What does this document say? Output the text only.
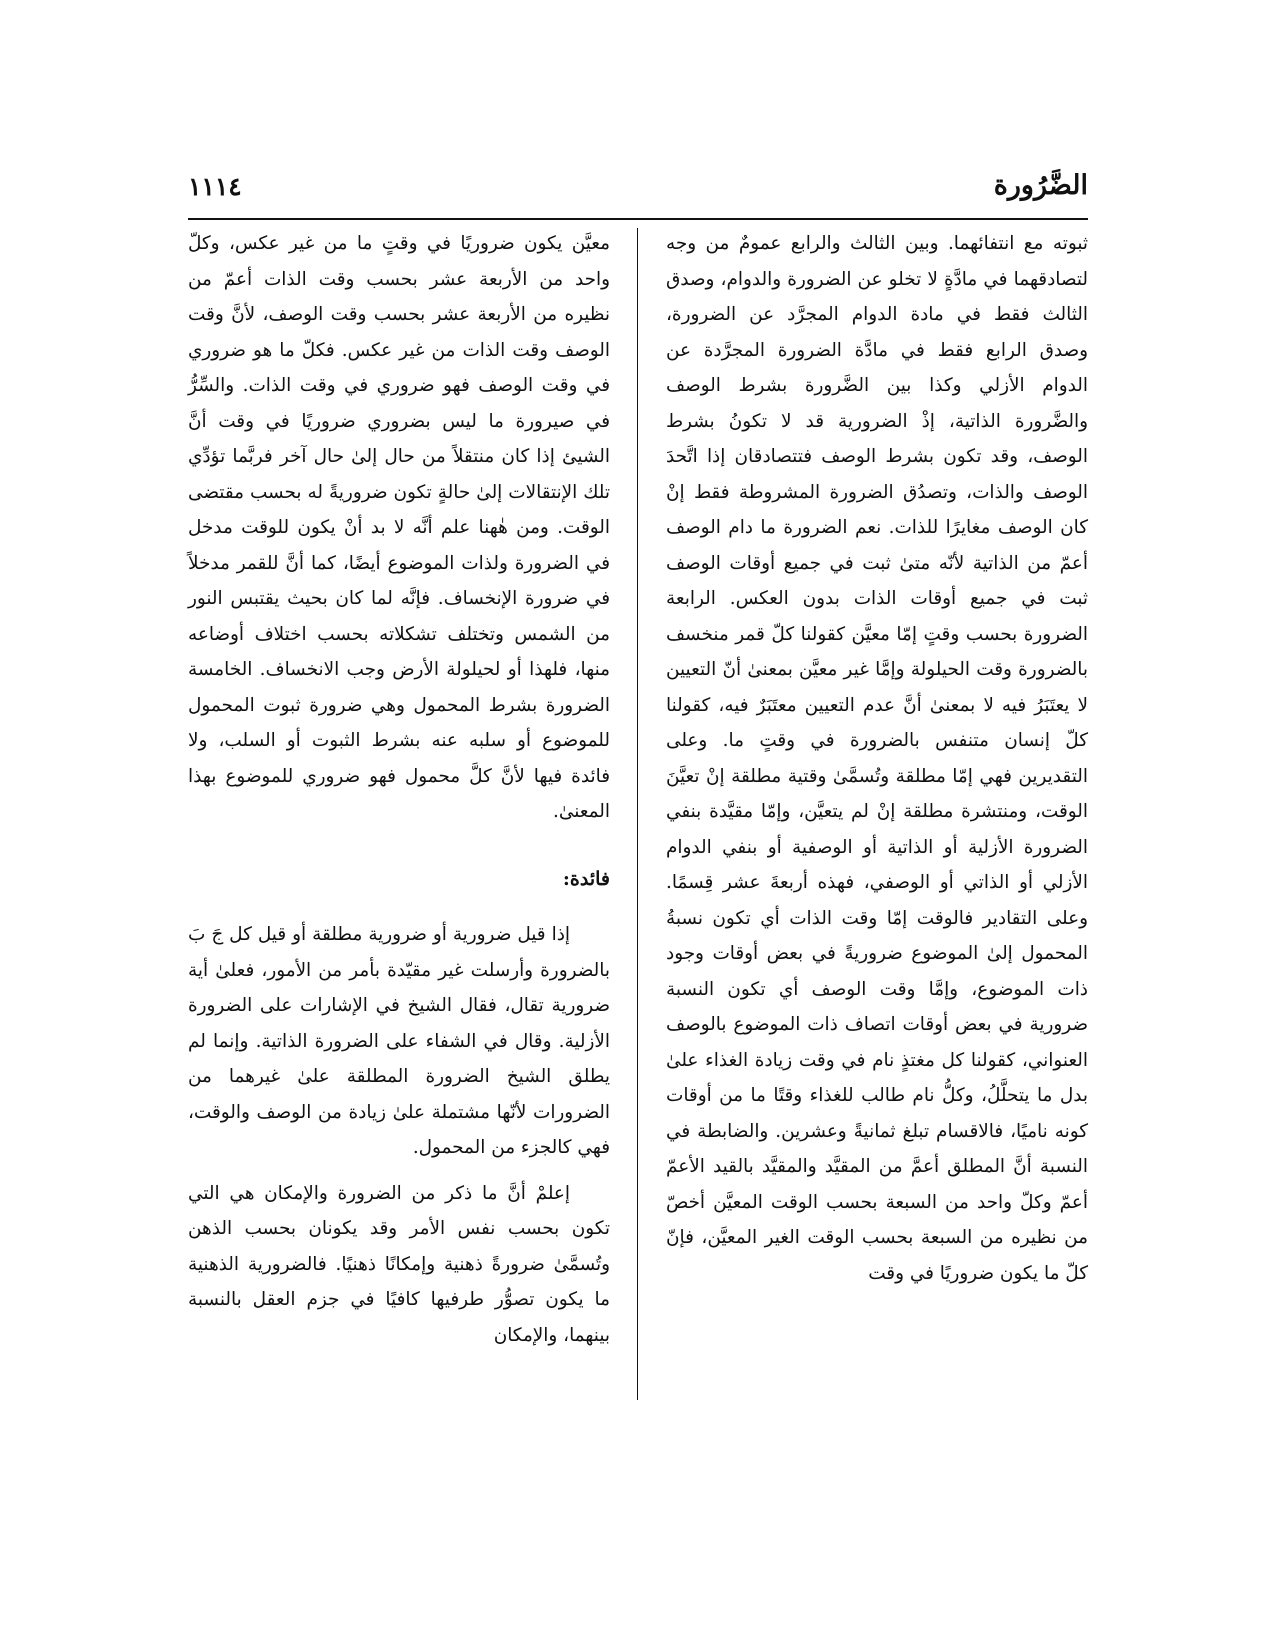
الضَّرُورة
١١١٤

ثبوته مع انتفائهما. وبين الثالث والرابع عمومٌ من وجه لتصادقهما في مادَّةٍ لا تخلو عن الضرورة والدوام، وصدق الثالث فقط في مادة الدوام المجرَّد عن الضرورة، وصدق الرابع فقط في مادَّة الضرورة المجرَّدة عن الدوام الأزلي وكذا بين الضَّرورة بشرط الوصف والضَّرورة الذاتية، إذْ الضرورية قد لا تكونُ بشرط الوصف، وقد تكون بشرط الوصف فتتصادقان إذا اتَّحدَ الوصف والذات، وتصدُق الضرورة المشروطة فقط إنْ كان الوصف مغايرًا للذات. نعم الضرورة ما دام الوصف أعمّ من الذاتية لأنّه متىٰ ثبت في جميع أوقات الوصف ثبت في جميع أوقات الذات بدون العكس. الرابعة الضرورة بحسب وقتٍ إمّا معيَّن كقولنا كلّ قمر منخسف بالضرورة وقت الحيلولة وإمَّا غير معيَّن بمعنىٰ أنّ التعيين لا يعتَبَرُ فيه لا بمعنىٰ أنَّ عدم التعيين معتَبَرٌ فيه، كقولنا كلّ إنسان متنفس بالضرورة في وقتٍ ما. وعلى التقديرين فهي إمّا مطلقة وتُسمَّىٰ وقتية مطلقة إنْ تعيَّنَ الوقت، ومنتشرة مطلقة إنْ لم يتعيَّن، وإمّا مقيَّدة بنفي الضرورة الأزلية أو الذاتية أو الوصفية أو بنفي الدوام الأزلي أو الذاتي أو الوصفي، فهذه أربعةَ عشر قِسمًا. وعلى التقادير فالوقت إمّا وقت الذات أي تكون نسبةُ المحمول إلىٰ الموضوع ضروريةً في بعض أوقات وجود ذات الموضوع، وإمَّا وقت الوصف أي تكون النسبة ضرورية في بعض أوقات اتصاف ذات الموضوع بالوصف العنواني، كقولنا كل مغتذٍ نام في وقت زيادة الغذاء علىٰ بدل ما يتحلَّلُ، وكلُّ نام طالب للغذاء وقتًا ما من أوقات كونه ناميًا، فالاقسام تبلغ ثمانيةً وعشرين. والضابطة في النسبة أنَّ المطلق أعمَّ من المقيَّد والمقيَّد بالقيد الأعمّ أعمّ وكلّ واحد من السبعة بحسب الوقت المعيَّن أخصّ من نظيره من السبعة بحسب الوقت الغير المعيَّن، فإنّ كلّ ما يكون ضروريًا في وقت

معيَّن يكون ضروريًا في وقتٍ ما من غير عكس، وكلّ واحد من الأربعة عشر بحسب وقت الذات أعمّ من نظيره من الأربعة عشر بحسب وقت الوصف، لأنَّ وقت الوصف وقت الذات من غير عكس. فكلّ ما هو ضروري في وقت الوصف فهو ضروري في وقت الذات. والسِّرُّ في صيرورة ما ليس بضروري ضروريًا في وقت أنَّ الشيئ إذا كان منتقلاً من حال إلىٰ حال آخر فربَّما تؤدِّي تلك الإنتقالات إلىٰ حالةٍ تكون ضروريةً له بحسب مقتضى الوقت. ومن هٰهنا علم أنَّه لا بد أنْ يكون للوقت مدخل في الضرورة ولذات الموضوع أيضًا، كما أنَّ للقمر مدخلاً في ضرورة الإنخساف. فإنَّه لما كان بحيث يقتبس النور من الشمس وتختلف تشكلاته بحسب اختلاف أوضاعه منها، فلهذا أو لحيلولة الأرض وجب الانخساف. الخامسة الضرورة بشرط المحمول وهي ضرورة ثبوت المحمول للموضوع أو سلبه عنه بشرط الثبوت أو السلب، ولا فائدة فيها لأنَّ كلَّ محمول فهو ضروري للموضوع بهذا المعنىٰ.

فائدة:

إذا قيل ضرورية أو ضرورية مطلقة أو قيل كل جَ بَ بالضرورة وأرسلت غير مقيّدة بأمر من الأمور، فعلىٰ أية ضرورية تقال، فقال الشيخ في الإشارات على الضرورة الأزلية. وقال في الشفاء على الضرورة الذاتية. وإنما لم يطلق الشيخ الضرورة المطلقة علىٰ غيرهما من الضرورات لأنّها مشتملة علىٰ زيادة من الوصف والوقت، فهي كالجزء من المحمول.

إعلمْ أنَّ ما ذكر من الضرورة والإمكان هي التي تكون بحسب نفس الأمر وقد يكونان بحسب الذهن وتُسمَّىٰ ضرورةً ذهنية وإمكانًا ذهنيًا. فالضرورية الذهنية ما يكون تصوُّر طرفيها كافيًا في جزم العقل بالنسبة بينهما، والإمكان
